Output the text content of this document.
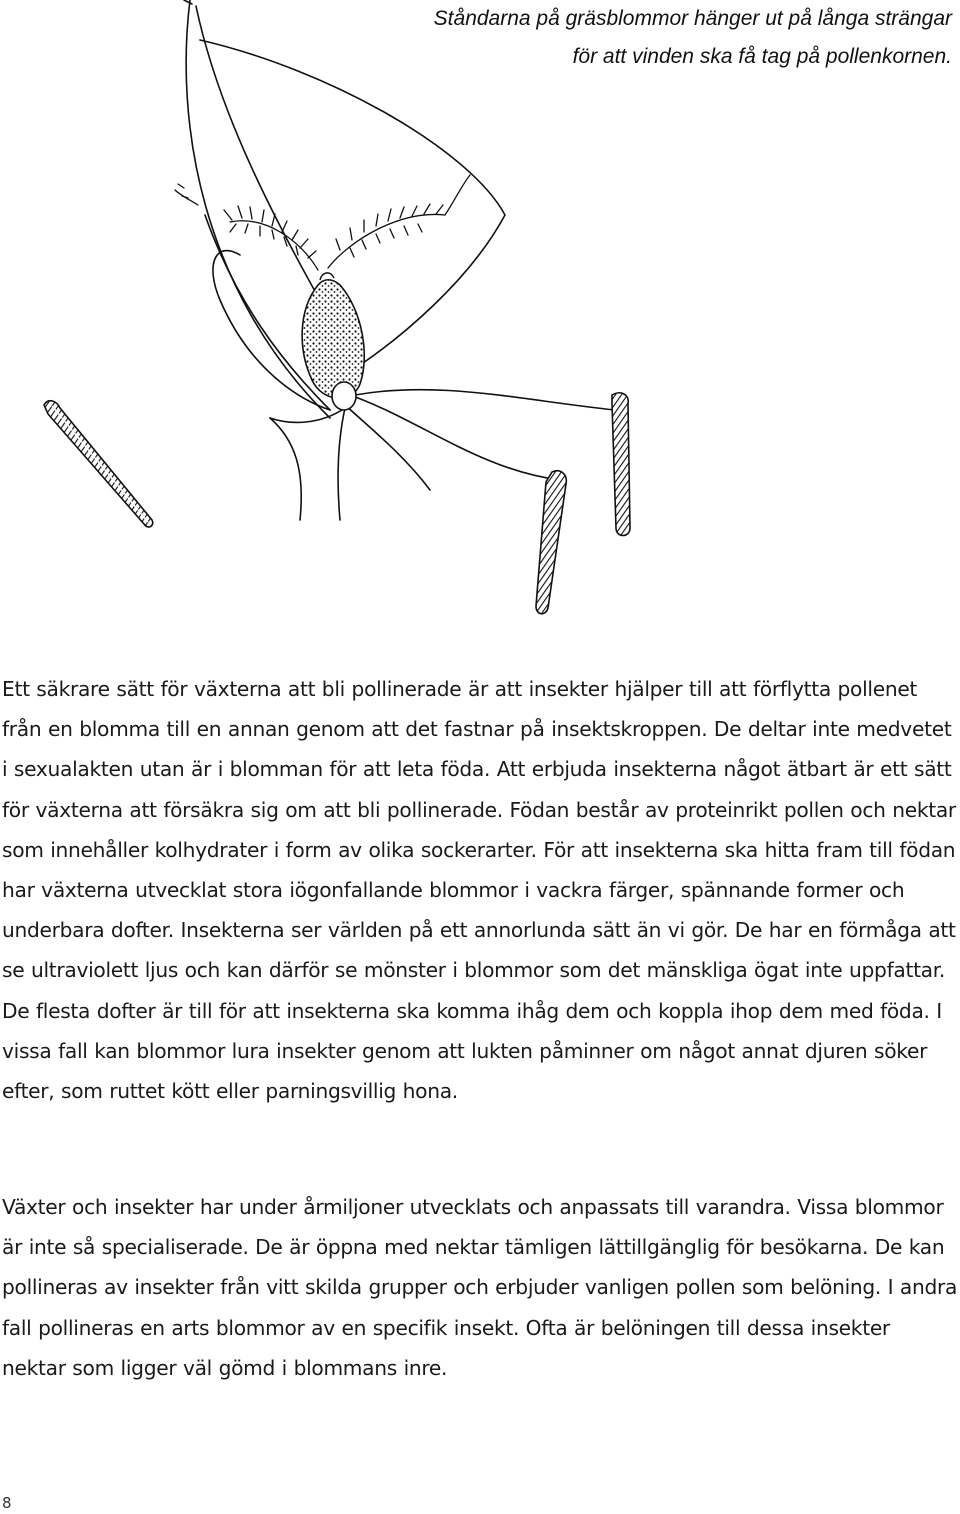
Ståndarna på gräsblommor hänger ut på långa strängar
för att vinden ska få tag på pollenkornen.

Ett säkrare sätt för växterna att bli pollinerade är att insekter hjälper till att förflytta pollenet från en blomma till en annan genom att det fastnar på insektskroppen. De deltar inte medvetet i sexualakten utan är i blomman för att leta föda. Att erbjuda insekterna något ätbart är ett sätt för växterna att försäkra sig om att bli pollinerade. Födan består av proteinrikt pollen och nektar som innehåller kolhydrater i form av olika sockerarter. För att insekterna ska hitta fram till födan har växterna utvecklat stora iögonfallande blommor i vackra färger, spännande former och underbara dofter. Insekterna ser världen på ett annorlunda sätt än vi gör. De har en förmåga att se ultraviolett ljus och kan därför se mönster i blommor som det mänskliga ögat inte uppfattar. De flesta dofter är till för att insekterna ska komma ihåg dem och koppla ihop dem med föda. I vissa fall kan blommor lura insekter genom att lukten påminner om något annat djuren söker efter, som ruttet kött eller parningsvillig hona.

Växter och insekter har under årmiljoner utvecklats och anpassats till varandra. Vissa blommor är inte så specialiserade. De är öppna med nektar tämligen lättillgänglig för besökarna. De kan pollineras av insekter från vitt skilda grupper och erbjuder vanligen pollen som belöning. I andra fall pollineras en arts blommor av en specifik insekt. Ofta är belöningen till dessa insekter nektar som ligger väl gömd i blommans inre.

8
